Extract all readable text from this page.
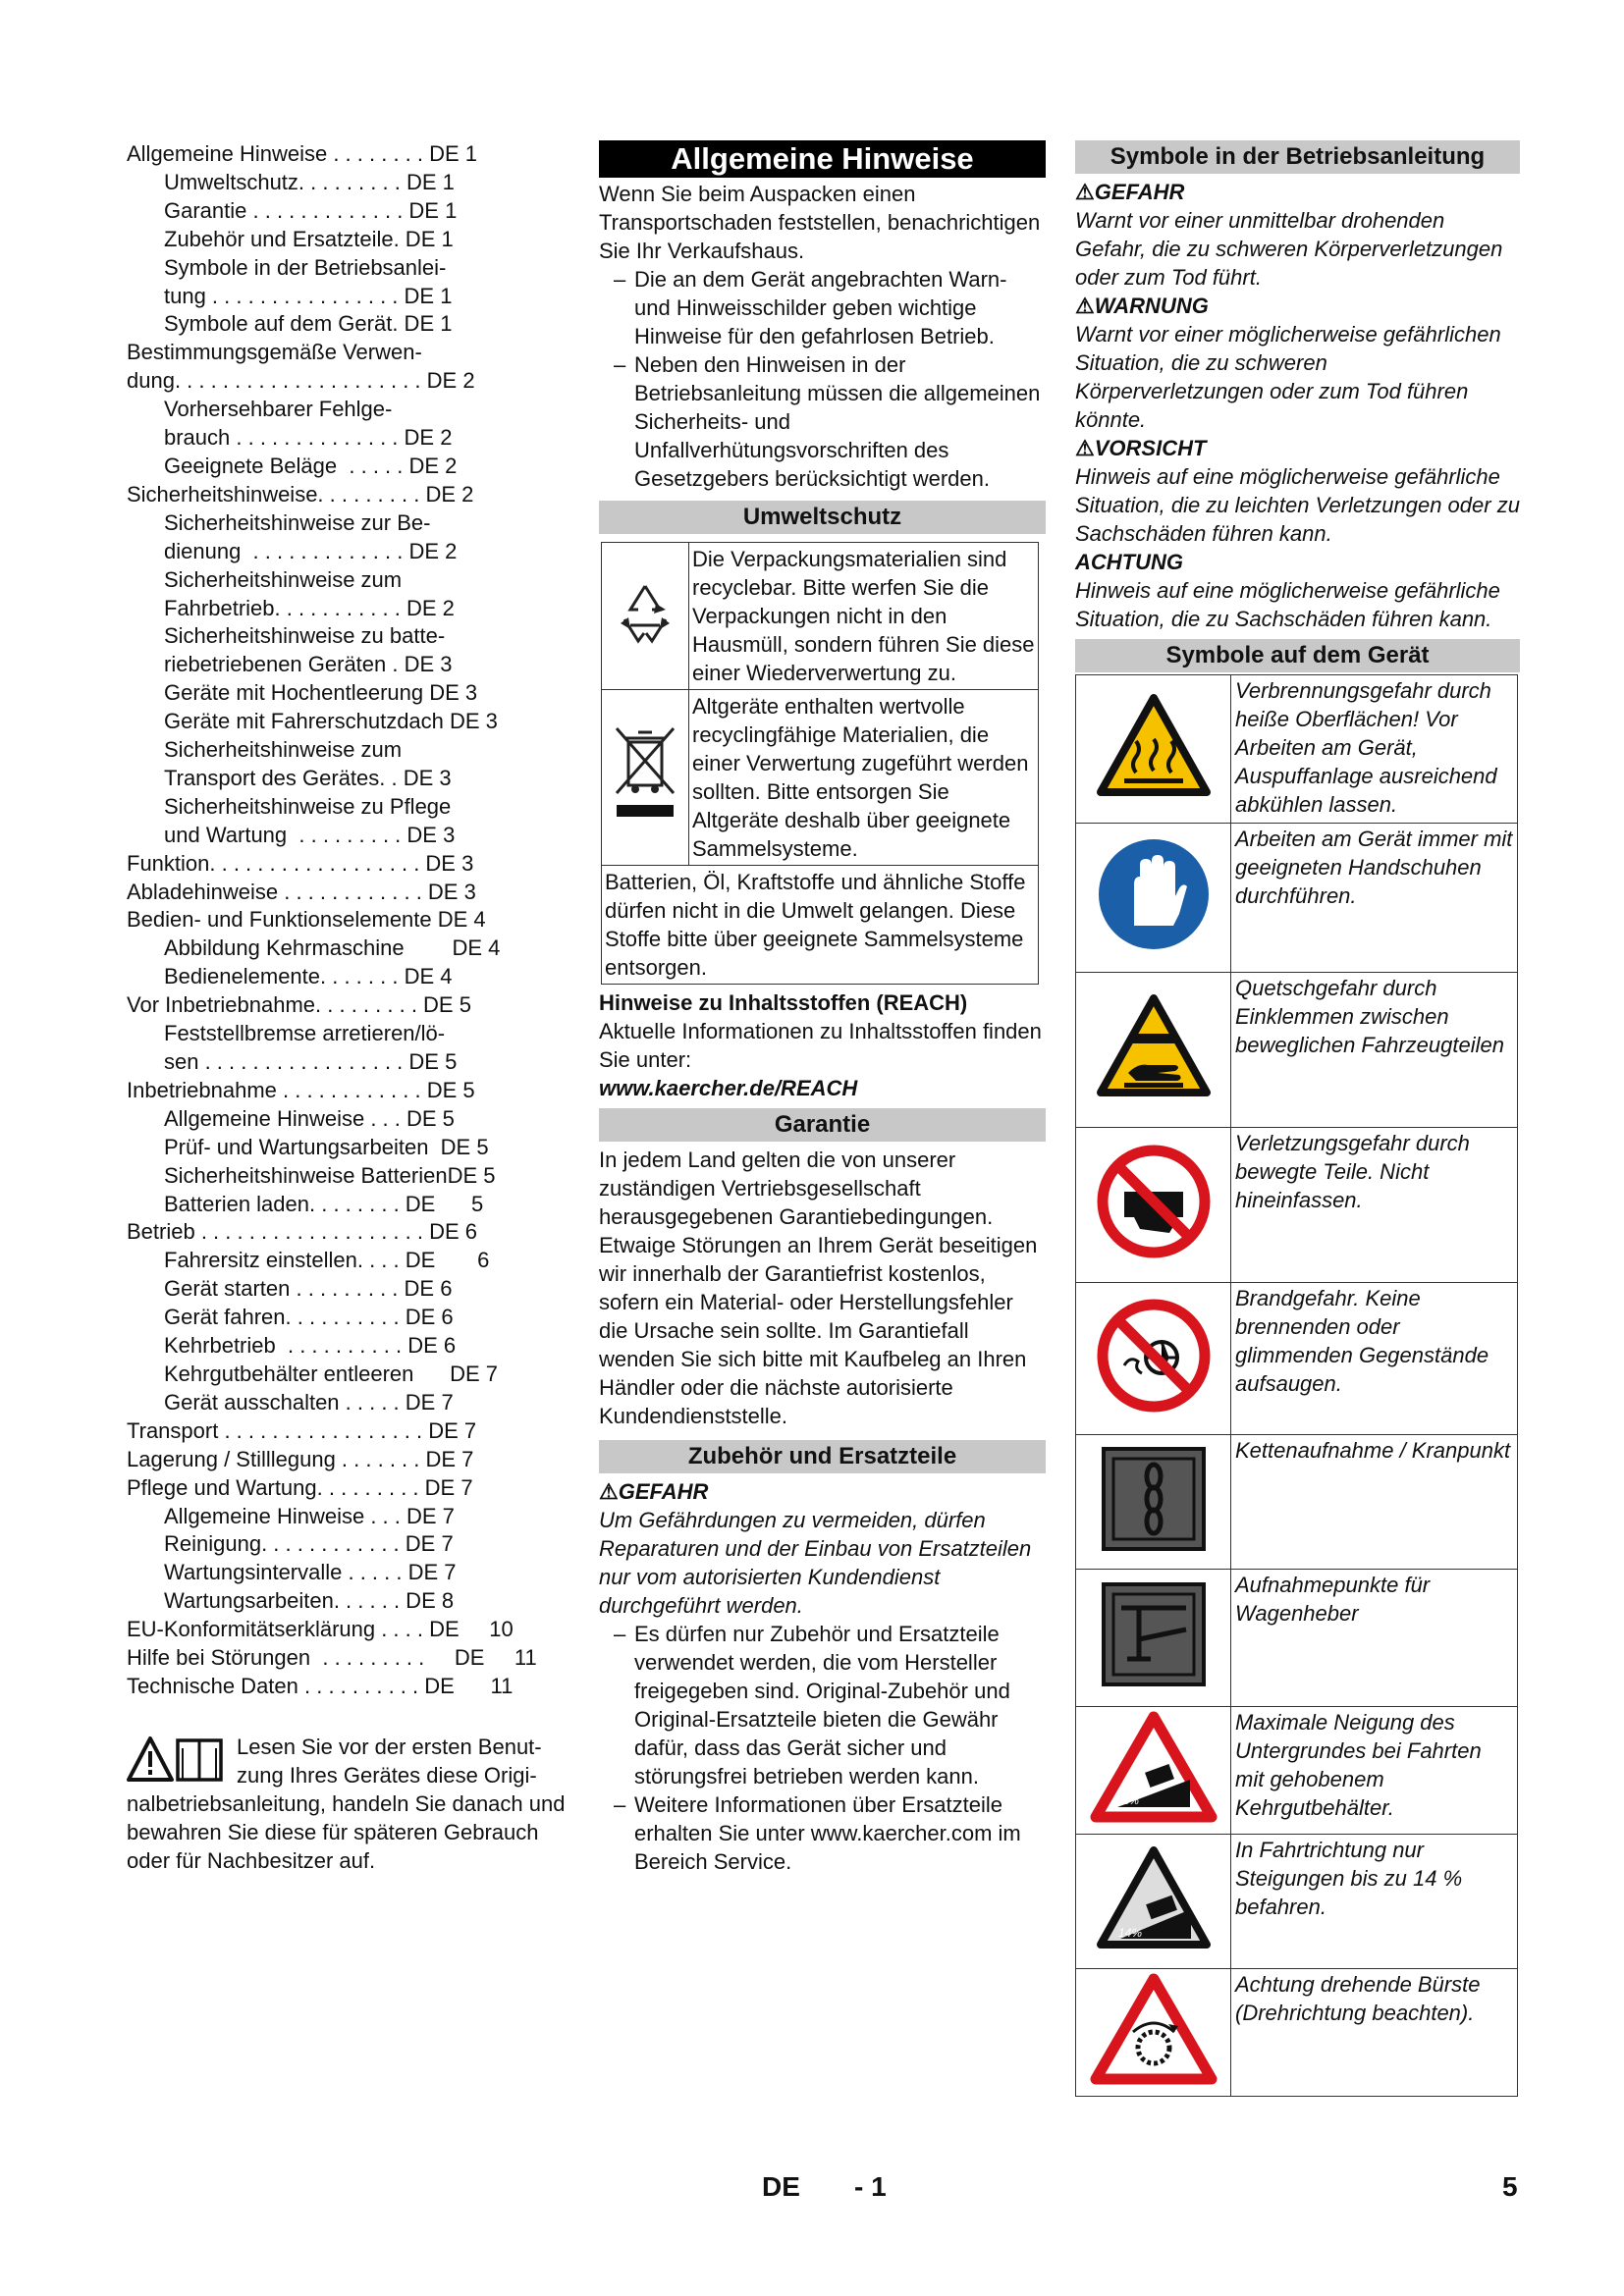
Allgemeine Hinweise . . . . . . . . DE 1
Umweltschutz. . . . . . . . . DE 1
Garantie . . . . . . . . . . . . . DE 1
Zubehör und Ersatzteile. DE 1
Symbole in der Betriebsanlei-
tung . . . . . . . . . . . . . . . . DE 1
Symbole auf dem Gerät. DE 1
Bestimmungsgemäße Verwen-
dung. . . . . . . . . . . . . . . . . . . . . DE 2
Vorhersehbarer Fehlge-
brauch . . . . . . . . . . . . . . DE 2
Geeignete Beläge  . . . . . DE 2
Sicherheitshinweise. . . . . . . . . DE 2
Sicherheitshinweise zur Be-
dienung  . . . . . . . . . . . . . DE 2
Sicherheitshinweise zum
Fahrbetrieb. . . . . . . . . . . DE 2
Sicherheitshinweise zu batte-
riebetriebenen Geräten . DE 3
Geräte mit Hochentleerung DE 3
Geräte mit Fahrerschutzdach DE 3
Sicherheitshinweise zum
Transport des Gerätes. . DE 3
Sicherheitshinweise zu Pflege
und Wartung  . . . . . . . . . DE 3
Funktion. . . . . . . . . . . . . . . . . . DE 3
Abladehinweise . . . . . . . . . . . . DE 3
Bedien- und Funktionselemente DE 4
Abbildung Kehrmaschine        DE 4
Bedienelemente. . . . . . . DE 4
Vor Inbetriebnahme. . . . . . . . . DE 5
Feststellbremse arretieren/lö-
sen . . . . . . . . . . . . . . . . . DE 5
Inbetriebnahme . . . . . . . . . . . . DE 5
Allgemeine Hinweise . . . DE 5
Prüf- und Wartungsarbeiten  DE 5
Sicherheitshinweise BatterienDE 5
Batterien laden. . . . . . . . DE      5
Betrieb . . . . . . . . . . . . . . . . . . . DE 6
Fahrersitz einstellen. . . . DE       6
Gerät starten . . . . . . . . . DE 6
Gerät fahren. . . . . . . . . . DE 6
Kehrbetrieb  . . . . . . . . . . DE 6
Kehrgutbehälter entleeren      DE 7
Gerät ausschalten . . . . . DE 7
Transport . . . . . . . . . . . . . . . . . DE 7
Lagerung / Stilllegung . . . . . . . DE 7
Pflege und Wartung. . . . . . . . . DE 7
Allgemeine Hinweise . . . DE 7
Reinigung. . . . . . . . . . . . DE 7
Wartungsintervalle . . . . . DE 7
Wartungsarbeiten. . . . . . DE 8
EU-Konformitätserklärung . . . . DE     10
Hilfe bei Störungen  . . . . . . . . .     DE     11
Technische Daten . . . . . . . . . . DE      11
Lesen Sie vor der ersten Benut-
zung Ihres Gerätes diese Origi-
nalbetriebsanleitung, handeln Sie danach und bewahren Sie diese für späteren Gebrauch oder für Nachbesitzer auf.
Allgemeine Hinweise

Wenn Sie beim Auspacken einen Transportschaden feststellen, benachrichtigen Sie Ihr Verkaufshaus.

– Die an dem Gerät angebrachten Warn- und Hinweisschilder geben wichtige Hinweise für den gefahrlosen Betrieb.
– Neben den Hinweisen in der Betriebsanleitung müssen die allgemeinen Sicherheits- und Unfallverhütungsvorschriften des Gesetzgebers berücksichtigt werden.
Umweltschutz
	Die Verpackungsmaterialien sind recyclebar. Bitte werfen Sie die Verpackungen nicht in den Hausmüll, sondern führen Sie diese einer Wiederverwertung zu.
	Altgeräte enthalten wertvolle recyclingfähige Materialien, die einer Verwertung zugeführt werden sollten. Bitte entsorgen Sie Altgeräte deshalb über geeignete Sammelsysteme.
Batterien, Öl, Kraftstoffe und ähnliche Stoffe dürfen nicht in die Umwelt gelangen. Diese Stoffe bitte über geeignete Sammelsysteme entsorgen.	
Hinweise zu Inhaltsstoffen (REACH)
Aktuelle Informationen zu Inhaltsstoffen finden Sie unter:
www.kaercher.de/REACH
Garantie

In jedem Land gelten die von unserer zuständigen Vertriebsgesellschaft herausgegebenen Garantiebedingungen. Etwaige Störungen an Ihrem Gerät beseitigen wir innerhalb der Garantiefrist kostenlos, sofern ein Material- oder Herstellungsfehler die Ursache sein sollte. Im Garantiefall wenden Sie sich bitte mit Kaufbeleg an Ihren Händler oder die nächste autorisierte Kundendienststelle.

Zubehör und Ersatzteile
⚠GEFAHR
Um Gefährdungen zu vermeiden, dürfen Reparaturen und der Einbau von Ersatzteilen nur vom autorisierten Kundendienst durchgeführt werden.
– Es dürfen nur Zubehör und Ersatzteile verwendet werden, die vom Hersteller freigegeben sind. Original-Zubehör und Original-Ersatzteile bieten die Gewähr dafür, dass das Gerät sicher und störungsfrei betrieben werden kann.
– Weitere Informationen über Ersatzteile erhalten Sie unter www.kaercher.com im Bereich Service.
Symbole in der Betriebsanleitung
⚠GEFAHR
Warnt vor einer unmittelbar drohenden Gefahr, die zu schweren Körperverletzungen oder zum Tod führt.
⚠WARNUNG
Warnt vor einer möglicherweise gefährlichen Situation, die zu schweren Körperverletzungen oder zum Tod führen könnte.
⚠VORSICHT
Hinweis auf eine möglicherweise gefährliche Situation, die zu leichten Verletzungen oder zu Sachschäden führen kann.
ACHTUNG
Hinweis auf eine möglicherweise gefährliche Situation, die zu Sachschäden führen kann.
Symbole auf dem Gerät
	Verbrennungsgefahr durch heiße Oberflächen! Vor Arbeiten am Gerät, Auspuffanlage ausreichend abkühlen lassen.
	Arbeiten am Gerät immer mit geeigneten Handschuhen durchführen.
	Quetschgefahr durch Einklemmen zwischen beweglichen Fahrzeugteilen
	Verletzungsgefahr durch bewegte Teile. Nicht hineinfassen.
	Brandgefahr. Keine brennenden oder glimmenden Gegenstände aufsaugen.
	Kettenaufnahme / Kranpunkt
	Aufnahmepunkte für Wagenheber

8%	Maximale Neigung des Untergrundes bei Fahrten mit gehobenem Kehrgutbehälter.

14%	In Fahrtrichtung nur Steigungen bis zu 14 % befahren.
	Achtung drehende Bürste (Drehrichtung beachten).
DE - 1	5
